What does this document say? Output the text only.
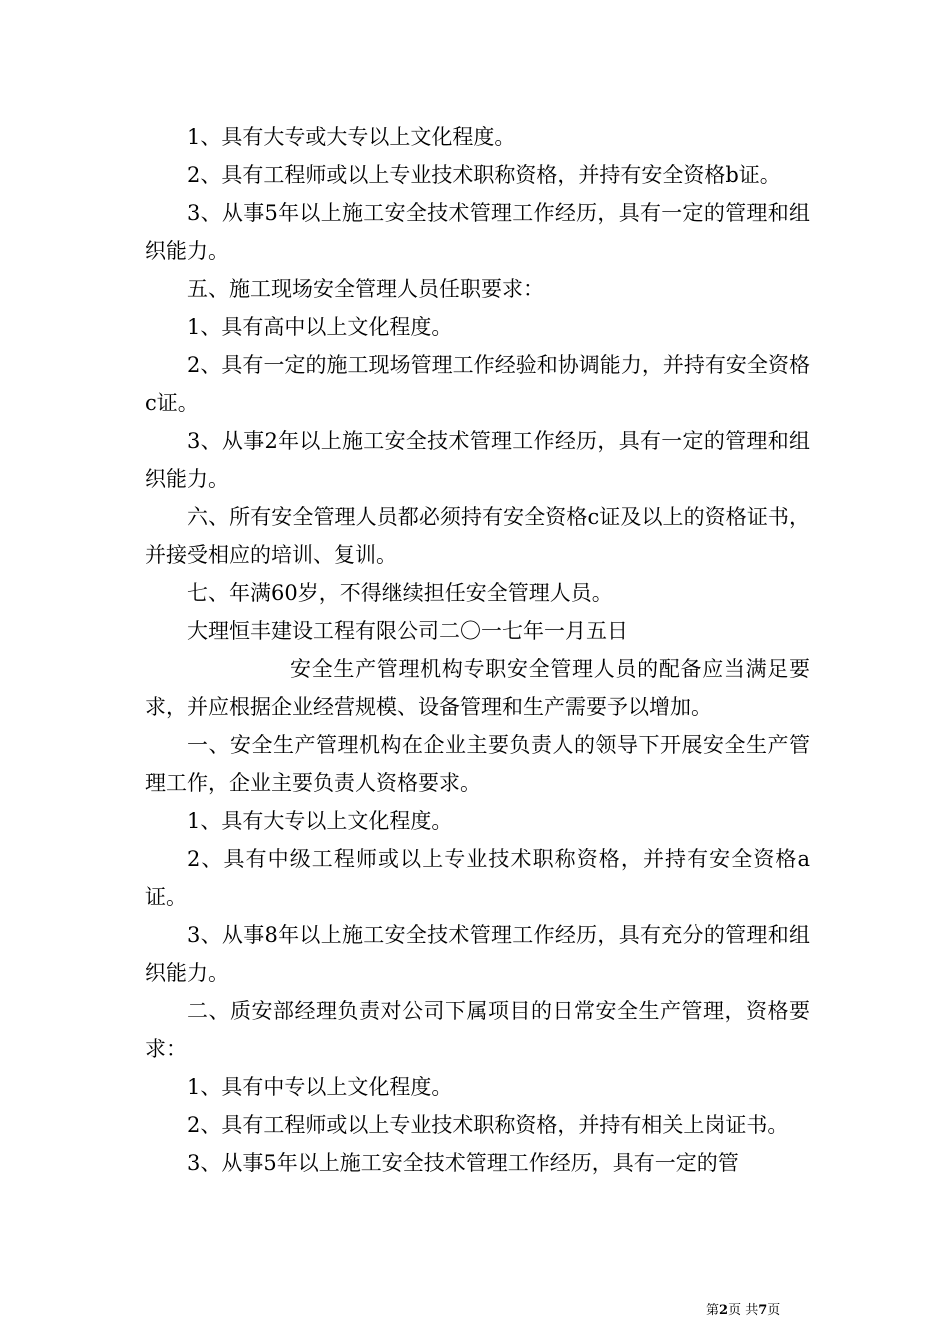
1、具有大专或大专以上文化程度。

2、具有工程师或以上专业技术职称资格，并持有安全资格b证。

3、从事5年以上施工安全技术管理工作经历，具有一定的管理和组织能力。

五、施工现场安全管理人员任职要求：

1、具有高中以上文化程度。

2、具有一定的施工现场管理工作经验和协调能力，并持有安全资格c证。

3、从事2年以上施工安全技术管理工作经历，具有一定的管理和组织能力。

六、所有安全管理人员都必须持有安全资格c证及以上的资格证书，并接受相应的培训、复训。

七、年满60岁，不得继续担任安全管理人员。

大理恒丰建设工程有限公司二〇一七年一月五日

安全生产管理机构专职安全管理人员的配备应当满足要求，并应根据企业经营规模、设备管理和生产需要予以增加。

一、安全生产管理机构在企业主要负责人的领导下开展安全生产管理工作，企业主要负责人资格要求。

1、具有大专以上文化程度。

2、具有中级工程师或以上专业技术职称资格，并持有安全资格a证。

3、从事8年以上施工安全技术管理工作经历，具有充分的管理和组织能力。

二、质安部经理负责对公司下属项目的日常安全生产管理，资格要求：

1、具有中专以上文化程度。

2、具有工程师或以上专业技术职称资格，并持有相关上岗证书。

3、从事5年以上施工安全技术管理工作经历，具有一定的管

第2页 共7页
